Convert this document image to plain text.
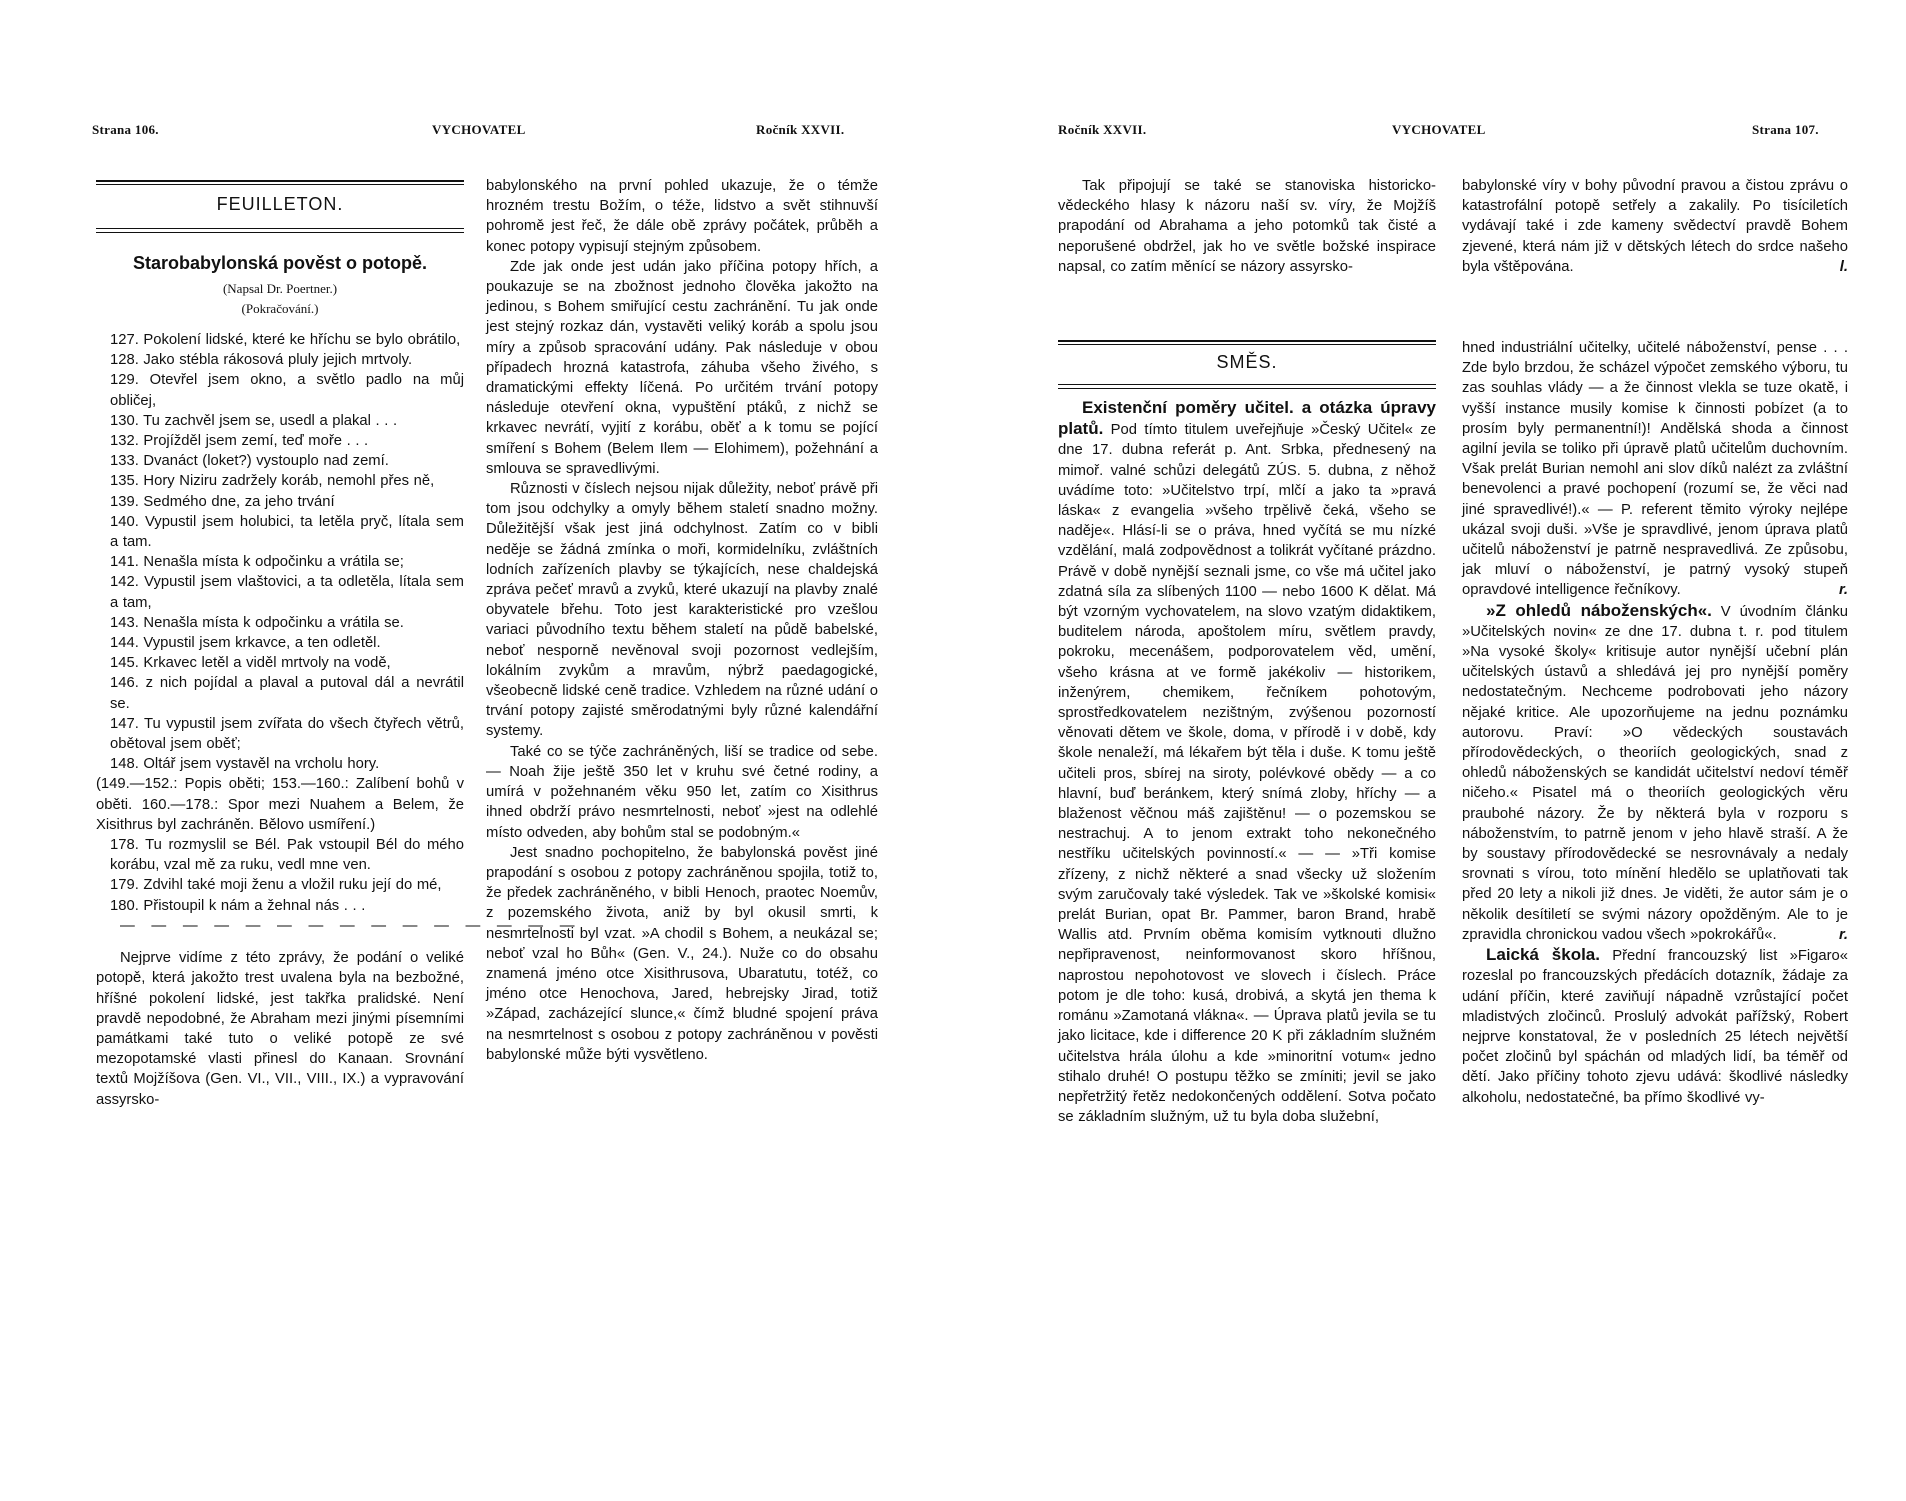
Strana 106.	VYCHOVATEL	Ročník XXVII.	Ročník XXVII.	VYCHOVATEL	Strana 107.
FEUILLETON.
Starobabylonská pověst o potopě.
(Napsal Dr. Poertner.)
(Pokračování.)

127. Pokolení lidské, které ke hříchu se bylo obrátilo,

128. Jako stébla rákosová pluly jejich mrtvoly.

129. Otevřel jsem okno, a světlo padlo na můj obličej,

130. Tu zachvěl jsem se, usedl a plakal . . .

132. Projížděl jsem zemí, teď moře . . .

133. Dvanáct (loket?) vystouplo nad zemí.

135. Hory Niziru zadržely koráb, nemohl přes ně,

139. Sedmého dne, za jeho trvání

140. Vypustil jsem holubici, ta letěla pryč, lítala sem a tam.

141. Nenašla místa k odpočinku a vrátila se;

142. Vypustil jsem vlaštovici, a ta odletěla, lítala sem a tam,

143. Nenašla místa k odpočinku a vrátila se.

144. Vypustil jsem krkavce, a ten odletěl.

145. Krkavec letěl a viděl mrtvoly na vodě,

146. z nich pojídal a plaval a putoval dál a nevrátil se.

147. Tu vypustil jsem zvířata do všech čtyřech větrů, obětoval jsem oběť;

148. Oltář jsem vystavěl na vrcholu hory.

(149.—152.: Popis oběti; 153.—160.: Zalíbení bohů v oběti. 160.—178.: Spor mezi Nuahem a Belem, že Xisithrus byl zachráněn. Bělovo usmíření.)

178. Tu rozmyslil se Bél. Pak vstoupil Bél do mého korábu, vzal mě za ruku, vedl mne ven.

179. Zdvihl také moji ženu a vložil ruku její do mé,

180. Přistoupil k nám a žehnal nás . . .

— — — — — — — — — — — — — — —

Nejprve vidíme z této zprávy, že podání o veliké potopě, která jakožto trest uvalena byla na bezbožné, hříšné pokolení lidské, jest takřka pralidské. Není pravdě nepodobné, že Abraham mezi jinými písemními památkami také tuto o veliké potopě ze své mezopotamské vlasti přinesl do Kanaan. Srovnání textů Mojžíšova (Gen. VI., VII., VIII., IX.) a vypravování assyrsko-

babylonského na první pohled ukazuje, že o témže hrozném trestu Božím, o téže, lidstvo a svět stihnuvší pohromě jest řeč, že dále obě zprávy počátek, průběh a konec potopy vypisují stejným způsobem.

Zde jak onde jest udán jako příčina potopy hřích, a poukazuje se na zbožnost jednoho člověka jakožto na jedinou, s Bohem smiřující cestu zachránění. Tu jak onde jest stejný rozkaz dán, vystavěti veliký koráb a spolu jsou míry a způsob spracování udány. Pak následuje v obou případech hrozná katastrofa, záhuba všeho živého, s dramatickými effekty líčená. Po určitém trvání potopy následuje otevření okna, vypuštění ptáků, z nichž se krkavec nevrátí, vyjití z korábu, oběť a k tomu se pojící smíření s Bohem (Belem Ilem — Elohimem), požehnání a smlouva se spravedlivými.

Různosti v číslech nejsou nijak důležity, neboť právě při tom jsou odchylky a omyly během staletí snadno možny. Důležitější však jest jiná odchylnost. Zatím co v bibli neděje se žádná zmínka o moři, kormidelníku, zvláštních lodních zařízeních plavby se týkajících, nese chaldejská zpráva pečeť mravů a zvyků, které ukazují na plavby znalé obyvatele břehu. Toto jest karakteristické pro vzešlou variaci původního textu během staletí na půdě babelské, neboť nesporně nevěnoval svoji pozornost vedlejším, lokálním zvykům a mravům, nýbrž paedagogické, všeobecně lidské ceně tradice. Vzhledem na různé udání o trvání potopy zajisté směrodatnými byly různé kalendářní systemy.

Také co se týče zachráněných, liší se tradice od sebe. — Noah žije ještě 350 let v kruhu své četné rodiny, a umírá v požehnaném věku 950 let, zatím co Xisithrus ihned obdrží právo nesmrtelnosti, neboť »jest na odlehlé místo odveden, aby bohům stal se podobným.«

Jest snadno pochopitelno, že babylonská pověst jiné prapodání s osobou z potopy zachráněnou spojila, totiž to, že předek zachráněného, v bibli Henoch, praotec Noemův, z pozemského života, aniž by byl okusil smrti, k nesmrtelnosti byl vzat. »A chodil s Bohem, a neukázal se; neboť vzal ho Bůh« (Gen. V., 24.). Nuže co do obsahu znamená jméno otce Xisithrusova, Ubaratutu, totéž, co jméno otce Henochova, Jared, hebrejsky Jirad, totiž »Západ, zacházející slunce,« čímž bludné spojení práva na nesmrtelnost s osobou z potopy zachráněnou v pověsti babylonské může býti vysvětleno.

Tak připojují se také se stanoviska historicko-vědeckého hlasy k názoru naší sv. víry, že Mojžíš prapodání od Abrahama a jeho potomků tak čisté a neporušené obdržel, jak ho ve světle božské inspirace napsal, co zatím měnící se názory assyrsko-

babylonské víry v bohy původní pravou a čistou zprávu o katastrofální potopě setřely a zakalily. Po tisíciletích vydávají také i zde kameny svědectví pravdě Bohem zjevené, která nám již v dětských létech do srdce našeho byla vštěpována.	l.

SMĚS.

Existenční poměry učitel. a otázka úpravy platů. Pod tímto titulem uveřejňuje »Český Učitel« ze dne 17. dubna referát p. Ant. Srbka, přednesený na mimoř. valné schůzi delegátů ZÚS. 5. dubna, z něhož uvádíme toto: »Učitelstvo trpí, mlčí a jako ta »pravá láska« z evangelia »všeho trpělivě čeká, všeho se naděje«. Hlásí-li se o práva, hned vyčítá se mu nízké vzdělání, malá zodpovědnost a tolikrát vyčítané prázdno. Právě v době nynější seznali jsme, co vše má učitel jako zdatná síla za slíbených 1100 — nebo 1600 K dělat. Má být vzorným vychovatelem, na slovo vzatým didaktikem, buditelem národa, apoštolem míru, světlem pravdy, pokroku, mecenášem, podporovatelem věd, umění, všeho krásna at ve formě jakékoliv — historikem, inženýrem, chemikem, řečníkem pohotovým, sprostředkovatelem nezištným, zvýšenou pozorností věnovati dětem ve škole, doma, v přírodě i v době, kdy škole nenaleží, má lékařem být těla i duše. K tomu ještě učiteli pros, sbírej na siroty, polévkové obědy — a co hlavní, buď beránkem, který snímá zloby, hříchy — a blaženost věčnou máš zajištěnu! — o pozemskou se nestrachuj. A to jenom extrakt toho nekonečného nestříku učitelských povinností.« — — »Tři komise zřízeny, z nichž některé a snad všecky už složením svým zaručovaly také výsledek. Tak ve »školské komisi« prelát Burian, opat Br. Pammer, baron Brand, hrabě Wallis atd. Prvním oběma komisím vytknouti dlužno nepřipravenost, neinformovanost skoro hříšnou, naprostou nepohotovost ve slovech i číslech. Práce potom je dle toho: kusá, drobivá, a skytá jen thema k románu »Zamotaná vlákna«. — Úprava platů jevila se tu jako licitace, kde i difference 20 K při základním služném učitelstva hrála úlohu a kde »minoritní votum« jedno stihalo druhé! O postupu těžko se zmíniti; jevil se jako nepřetržitý řetěz nedokončených oddělení. Sotva počato se základním služným, už tu byla doba služební,

hned industriální učitelky, učitelé náboženství, pense . . . Zde bylo brzdou, že scházel výpočet zemského výboru, tu zas souhlas vlády — a že činnost vlekla se tuze okatě, i vyšší instance musily komise k činnosti pobízet (a to prosím byly permanentní!)! Andělská shoda a činnost agilní jevila se toliko při úpravě platů učitelům duchovním. Však prelát Burian nemohl ani slov díků nalézt za zvláštní benevolenci a pravé pochopení (rozumí se, že věci nad jiné spravedlivé!).« — P. referent těmito výroky nejlépe ukázal svoji duši. »Vše je spravdlivé, jenom úprava platů učitelů náboženství je patrně nespravedlivá. Ze způsobu, jak mluví o náboženství, je patrný vysoký stupeň opravdové intelligence řečníkovy.	r.

»Z ohledů náboženských«. V úvodním článku »Učitelských novin« ze dne 17. dubna t. r. pod titulem »Na vysoké školy« kritisuje autor nynější učební plán učitelských ústavů a shledává jej pro nynější poměry nedostatečným. Nechceme podrobovati jeho názory nějaké kritice. Ale upozorňujeme na jednu poznámku autorovu. Praví: »O vědeckých soustavách přírodovědeckých, o theoriích geologických, snad z ohledů náboženských se kandidát učitelství nedoví téměř ničeho.« Pisatel má o theoriích geologických věru praubohé názory. Že by některá byla v rozporu s náboženstvím, to patrně jenom v jeho hlavě straší. A že by soustavy přírodovědecké se nesrovnávaly a nedaly srovnati s vírou, toto mínění hledělo se uplatňovati tak před 20 lety a nikoli již dnes. Je viděti, že autor sám je o několik desítiletí se svými názory opožděným. Ale to je zpravidla chronickou vadou všech »pokrokářů«.	r.

Laická škola. Přední francouzský list »Figaro« rozeslal po francouzských předácích dotazník, žádaje za udání příčin, které zaviňují nápadně vzrůstající počet mladistvých zločinců. Proslulý advokát pařížský, Robert nejprve konstatoval, že v posledních 25 létech největší počet zločinů byl spáchán od mladých lidí, ba téměř od dětí. Jako příčiny tohoto zjevu udává: škodlivé následky alkoholu, nedostatečné, ba přímo škodlivé vy-
